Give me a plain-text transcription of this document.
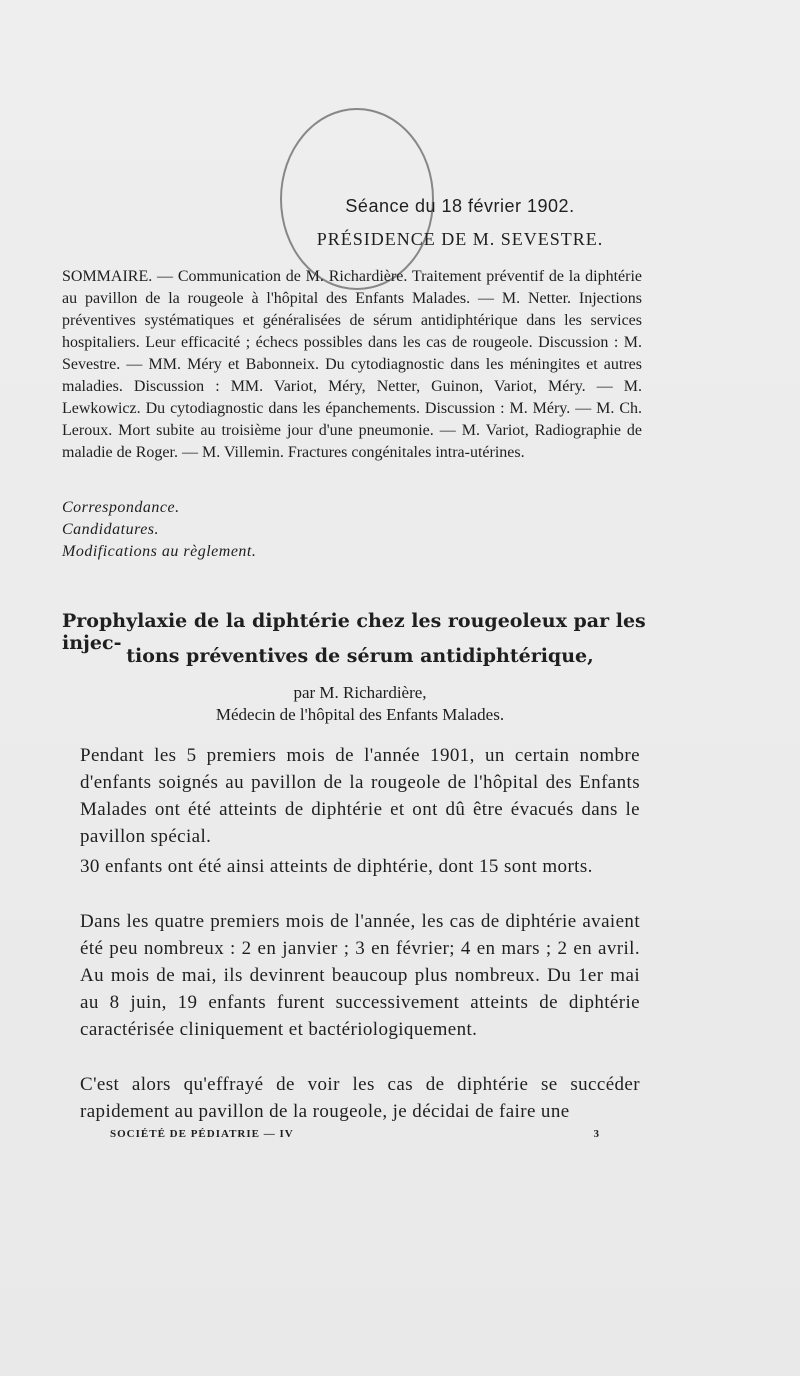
Séance du 18 février 1902.
PRÉSIDENCE DE M. SEVESTRE.
SOMMAIRE. — Communication de M. Richardière. Traitement préventif de la diphtérie au pavillon de la rougeole à l'hôpital des Enfants Malades. — M. Netter. Injections préventives systématiques et généralisées de sérum antidiphtérique dans les services hospitaliers. Leur efficacité ; échecs possibles dans les cas de rougeole. Discussion : M. Sevestre. — MM. Méry et Babonneix. Du cytodiagnostic dans les méningites et autres maladies. Discussion : MM. Variot, Méry, Netter, Guinon, Variot, Méry. — M. Lewkowicz. Du cytodiagnostic dans les épanchements. Discussion : M. Méry. — M. Ch. Leroux. Mort subite au troisième jour d'une pneumonie. — M. Variot, Radiographie de maladie de Roger. — M. Villemin. Fractures congénitales intra-utérines.
Correspondance.
Candidatures.
Modifications au règlement.
Prophylaxie de la diphtérie chez les rougeoleux par les injec-
tions préventives de sérum antidiphtérique,
par M. Richardière,
Médecin de l'hôpital des Enfants Malades.
Pendant les 5 premiers mois de l'année 1901, un certain nombre d'enfants soignés au pavillon de la rougeole de l'hôpital des Enfants Malades ont été atteints de diphtérie et ont dû être évacués dans le pavillon spécial.
30 enfants ont été ainsi atteints de diphtérie, dont 15 sont morts.
Dans les quatre premiers mois de l'année, les cas de diphtérie avaient été peu nombreux : 2 en janvier ; 3 en février; 4 en mars ; 2 en avril. Au mois de mai, ils devinrent beaucoup plus nombreux. Du 1er mai au 8 juin, 19 enfants furent successivement atteints de diphtérie caractérisée cliniquement et bactériologiquement.
C'est alors qu'effrayé de voir les cas de diphtérie se succéder rapidement au pavillon de la rougeole, je décidai de faire une
SOCIÉTÉ DE PÉDIATRIE — IV	3
